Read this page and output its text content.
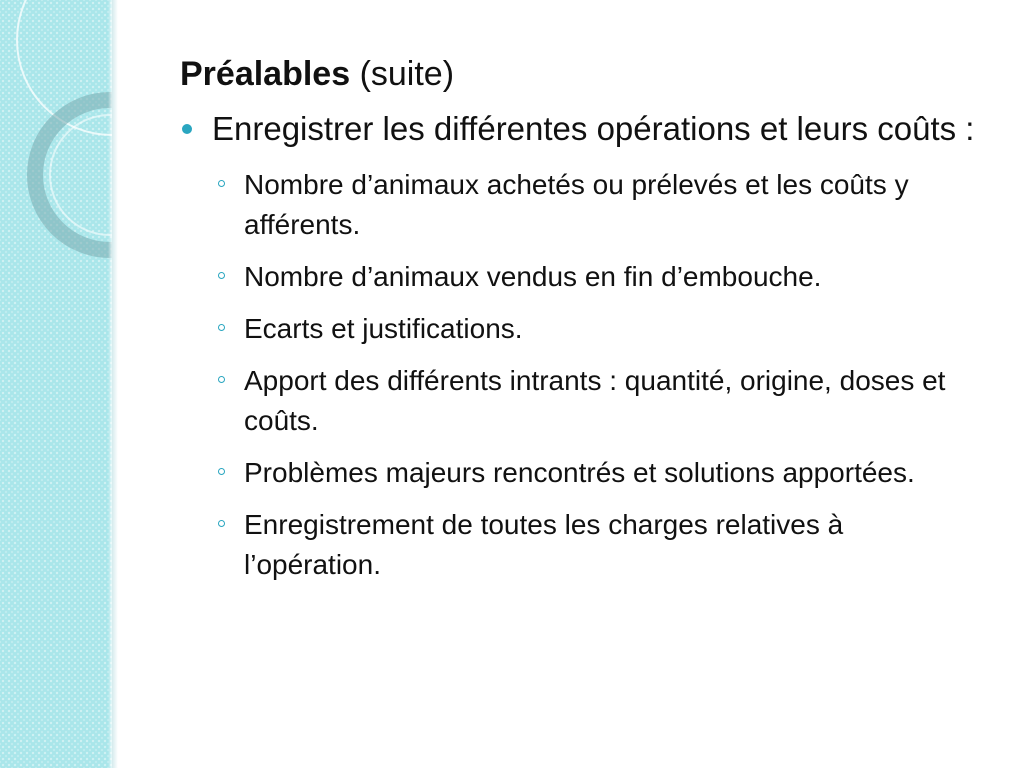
Préalables (suite)
Enregistrer les différentes opérations et leurs coûts :
Nombre d’animaux achetés ou prélevés et les coûts y afférents.
Nombre d’animaux vendus en fin d’embouche.
Ecarts et justifications.
Apport des différents intrants : quantité, origine, doses et coûts.
Problèmes majeurs rencontrés et solutions apportées.
Enregistrement de toutes les charges relatives à l’opération.
